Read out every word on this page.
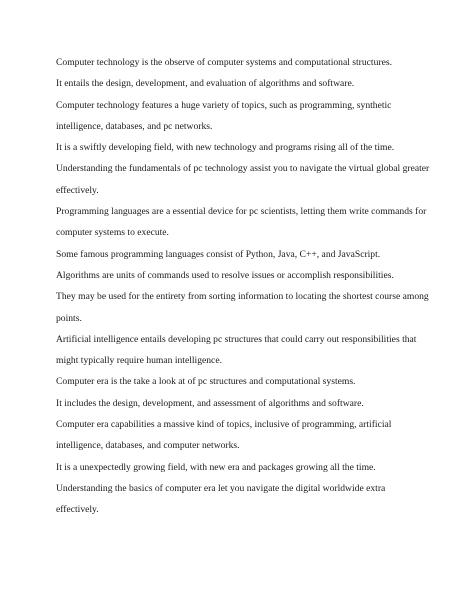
Computer technology is the observe of computer systems and computational structures.

It entails the design, development, and evaluation of algorithms and software.

Computer technology features a huge variety of topics, such as programming, synthetic

intelligence, databases, and pc networks.

It is a swiftly developing field, with new technology and programs rising all of the time.

Understanding the fundamentals of pc technology assist you to navigate the virtual global greater

effectively.

Programming languages are a essential device for pc scientists, letting them write commands for

computer systems to execute.

Some famous programming languages consist of Python, Java, C++, and JavaScript.

Algorithms are units of commands used to resolve issues or accomplish responsibilities.

They may be used for the entirety from sorting information to locating the shortest course among

points.

Artificial intelligence entails developing pc structures that could carry out responsibilities that

might typically require human intelligence.

Computer era is the take a look at of pc structures and computational systems.

It includes the design, development, and assessment of algorithms and software.

Computer era capabilities a massive kind of topics, inclusive of programming, artificial

intelligence, databases, and computer networks.

It is a unexpectedly growing field, with new era and packages growing all the time.

Understanding the basics of computer era let you navigate the digital worldwide extra

effectively.
